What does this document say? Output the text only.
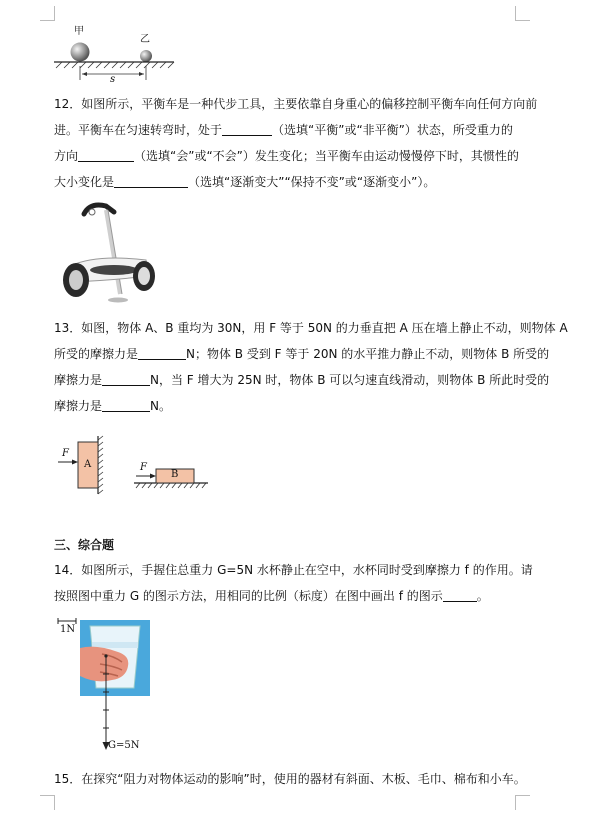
甲
乙
s
12．如图所示，平衡车是一种代步工具，主要依靠自身重心的偏移控制平衡车向任何方向前
进。平衡车在匀速转弯时，处于	（选填“平衡”或“非平衡”）状态，所受重力的
方向	（选填“会”或“不会”）发生变化；当平衡车由运动慢慢停下时，其惯性的
大小变化是	（选填“逐渐变大”“保持不变”或“逐渐变小”）。
13．如图，物体 A、B 重均为 30N，用 F 等于 50N 的力垂直把 A 压在墙上静止不动，则物体 A
所受的摩擦力是	N；物体 B 受到 F 等于 20N 的水平推力静止不动，则物体 B 所受的
摩擦力是	N，当 F 增大为 25N 时，物体 B 可以匀速直线滑动，则物体 B 所此时受的
摩擦力是	N。
F
A	F
B
三、综合题
14．如图所示，手握住总重力 G=5N 水杯静止在空中，水杯同时受到摩擦力 f 的作用。请
按照图中重力 G 的图示方法，用相同的比例（标度）在图中画出 f 的图示	。
1N
G=5N
15．在探究“阻力对物体运动的影响”时，使用的器材有斜面、木板、毛巾、棉布和小车。
